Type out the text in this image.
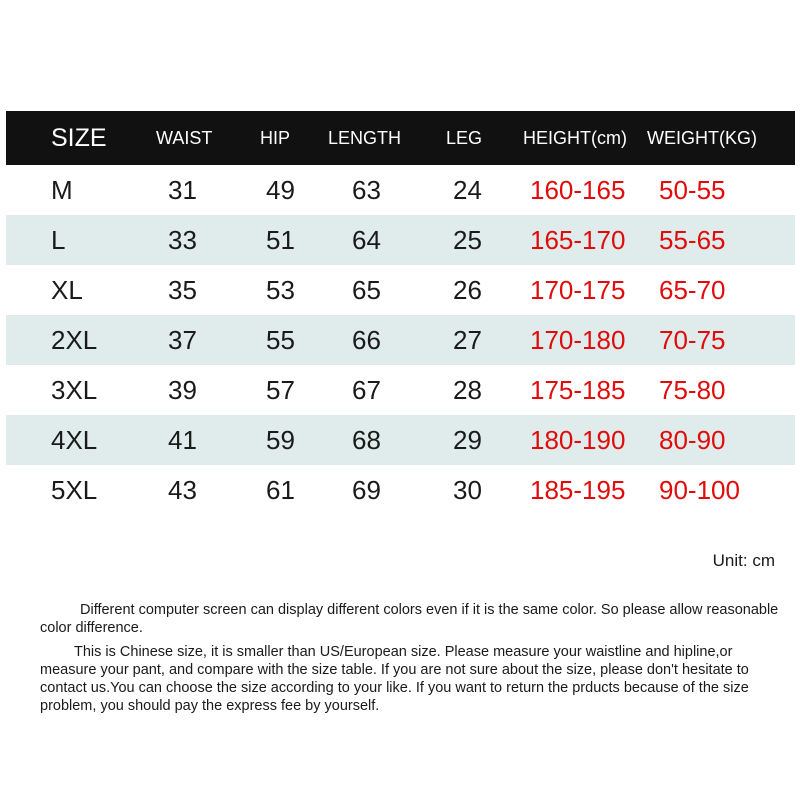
SIZE	WAIST	HIP LENGTH LEG HEIGHT(cm) WEIGHT(KG)
M	31	49 63	24 160-165 50-55
L	33	51 64	25 165-170 55-65
XL	35	53 65	26 170-175 65-70
2XL	37	55 66	27 170-180 70-75
3XL	39	57 67	28 175-185 75-80
4XL	41	59 68	29 180-190 80-90
5XL	43	61 69	30 185-195 90-100
Unit: cm

Different computer screen can display different colors even if it is the same color. So please allow reasonable color difference.

This is Chinese size, it is smaller than US/European size. Please measure your waistline and hipline,or measure your pant, and compare with the size table. If you are not sure about the size, please don't hesitate to contact us.You can choose the size according to your like. If you want to return the prducts because of the size problem, you should pay the express fee by yourself.
